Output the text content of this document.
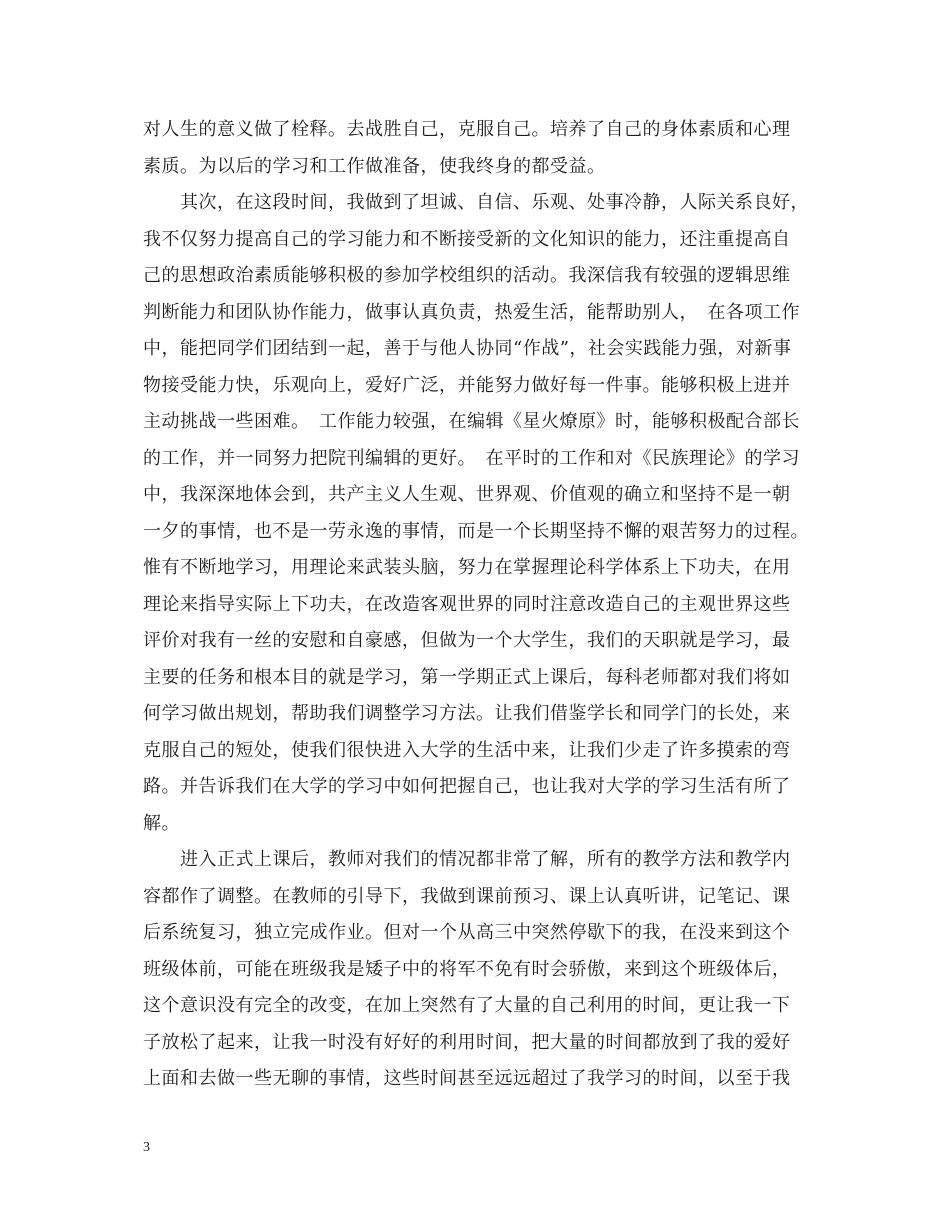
对人生的意义做了栓释。去战胜自己，克服自己。培养了自己的身体素质和心理
素质。为以后的学习和工作做准备，使我终身的都受益。
　　其次，在这段时间，我做到了坦诚、自信、乐观、处事冷静，人际关系良好，
我不仅努力提高自己的学习能力和不断接受新的文化知识的能力，还注重提高自
己的思想政治素质能够积极的参加学校组织的活动。我深信我有较强的逻辑思维
判断能力和团队协作能力，做事认真负责，热爱生活，能帮助别人，　在各项工作
中，能把同学们团结到一起，善于与他人协同“作战”，社会实践能力强，对新事
物接受能力快，乐观向上，爱好广泛，并能努力做好每一件事。能够积极上进并
主动挑战一些困难。　工作能力较强，在编辑《星火燎原》时，能够积极配合部长
的工作，并一同努力把院刊编辑的更好。　在平时的工作和对《民族理论》的学习
中，我深深地体会到，共产主义人生观、世界观、价值观的确立和坚持不是一朝
一夕的事情，也不是一劳永逸的事情，而是一个长期坚持不懈的艰苦努力的过程。
惟有不断地学习，用理论来武装头脑，努力在掌握理论科学体系上下功夫，在用
理论来指导实际上下功夫，在改造客观世界的同时注意改造自己的主观世界这些
评价对我有一丝的安慰和自豪感，但做为一个大学生，我们的天职就是学习，最
主要的任务和根本目的就是学习，第一学期正式上课后，每科老师都对我们将如
何学习做出规划，帮助我们调整学习方法。让我们借鉴学长和同学门的长处，来
克服自己的短处，使我们很快进入大学的生活中来，让我们少走了许多摸索的弯
路。并告诉我们在大学的学习中如何把握自己，也让我对大学的学习生活有所了
解。
　　进入正式上课后，教师对我们的情况都非常了解，所有的教学方法和教学内
容都作了调整。在教师的引导下，我做到课前预习、课上认真听讲，记笔记、课
后系统复习，独立完成作业。但对一个从高三中突然停歇下的我，在没来到这个
班级体前，可能在班级我是矮子中的将军不免有时会骄傲，来到这个班级体后，
这个意识没有完全的改变，在加上突然有了大量的自己利用的时间，更让我一下
子放松了起来，让我一时没有好好的利用时间，把大量的时间都放到了我的爱好
上面和去做一些无聊的事情，这些时间甚至远远超过了我学习的时间，以至于我
3
